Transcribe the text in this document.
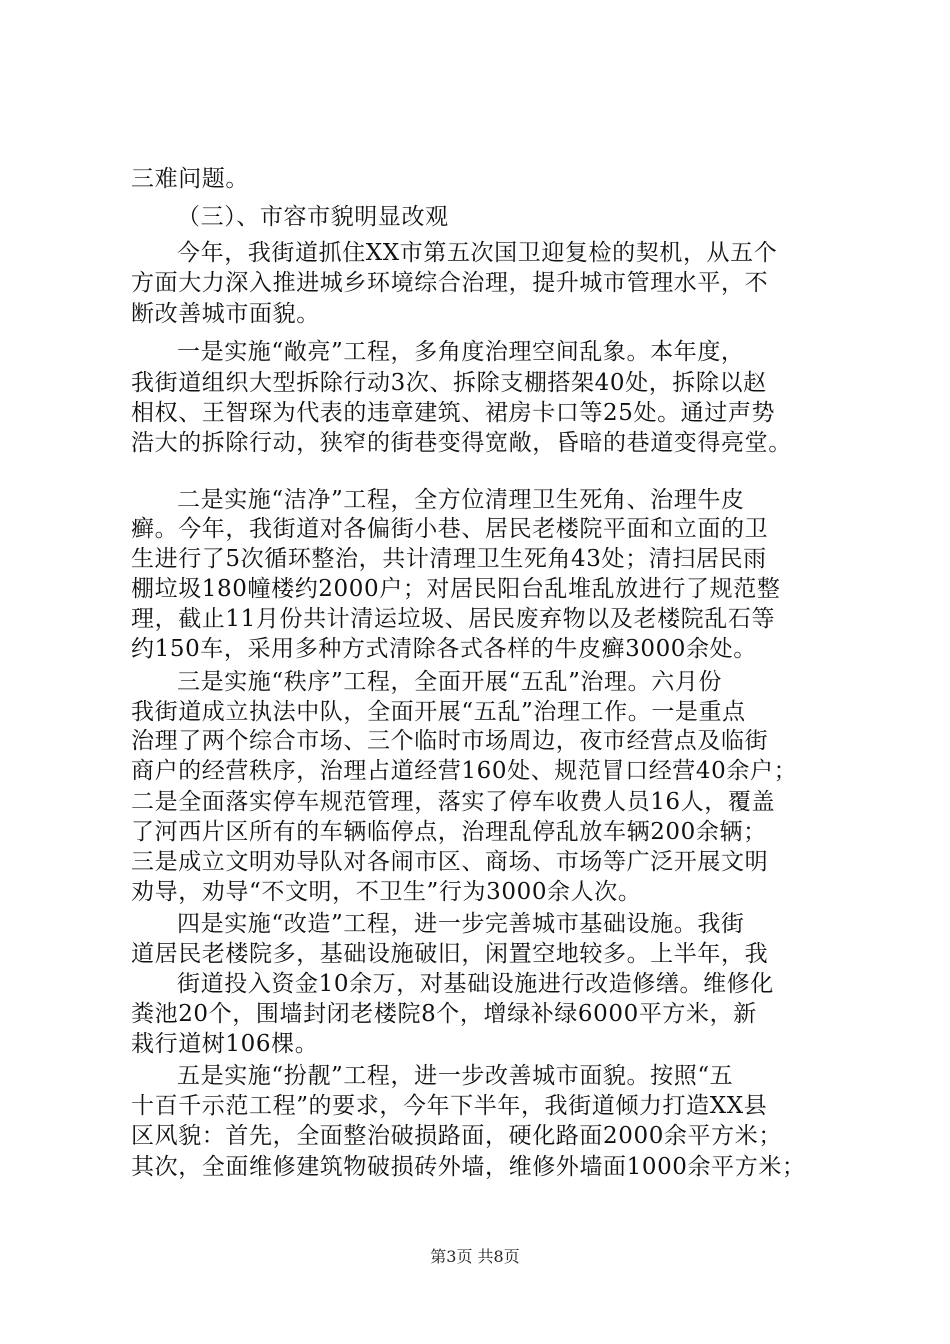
三难问题。
（三）、市容市貌明显改观
今年，我街道抓住XX市第五次国卫迎复检的契机，从五个
方面大力深入推进城乡环境综合治理，提升城市管理水平，不
断改善城市面貌。
一是实施“敞亮”工程，多角度治理空间乱象。本年度，
我街道组织大型拆除行动3次、拆除支棚搭架40处，拆除以赵
相权、王智琛为代表的违章建筑、裙房卡口等25处。通过声势
浩大的拆除行动，狭窄的街巷变得宽敞，昏暗的巷道变得亮堂。
二是实施“洁净”工程，全方位清理卫生死角、治理牛皮
癣。今年，我街道对各偏街小巷、居民老楼院平面和立面的卫
生进行了5次循环整治，共计清理卫生死角43处；清扫居民雨
棚垃圾180幢楼约2000户；对居民阳台乱堆乱放进行了规范整
理，截止11月份共计清运垃圾、居民废弃物以及老楼院乱石等
约150车，采用多种方式清除各式各样的牛皮癣3000余处。
三是实施“秩序”工程，全面开展“五乱”治理。六月份
我街道成立执法中队，全面开展“五乱”治理工作。一是重点
治理了两个综合市场、三个临时市场周边，夜市经营点及临街
商户的经营秩序，治理占道经营160处、规范冒口经营40余户；
二是全面落实停车规范管理，落实了停车收费人员16人，覆盖
了河西片区所有的车辆临停点，治理乱停乱放车辆200余辆；
三是成立文明劝导队对各闹市区、商场、市场等广泛开展文明
劝导，劝导“不文明，不卫生”行为3000余人次。
四是实施“改造”工程，进一步完善城市基础设施。我街
道居民老楼院多，基础设施破旧，闲置空地较多。上半年，我
街道投入资金10余万，对基础设施进行改造修缮。维修化
粪池20个，围墙封闭老楼院8个，增绿补绿6000平方米，新
栽行道树106棵。
五是实施“扮靓”工程，进一步改善城市面貌。按照“五
十百千示范工程”的要求，今年下半年，我街道倾力打造XX县
区风貌：首先，全面整治破损路面，硬化路面2000余平方米；
其次，全面维修建筑物破损砖外墙，维修外墙面1000余平方米；
第3页 共8页
